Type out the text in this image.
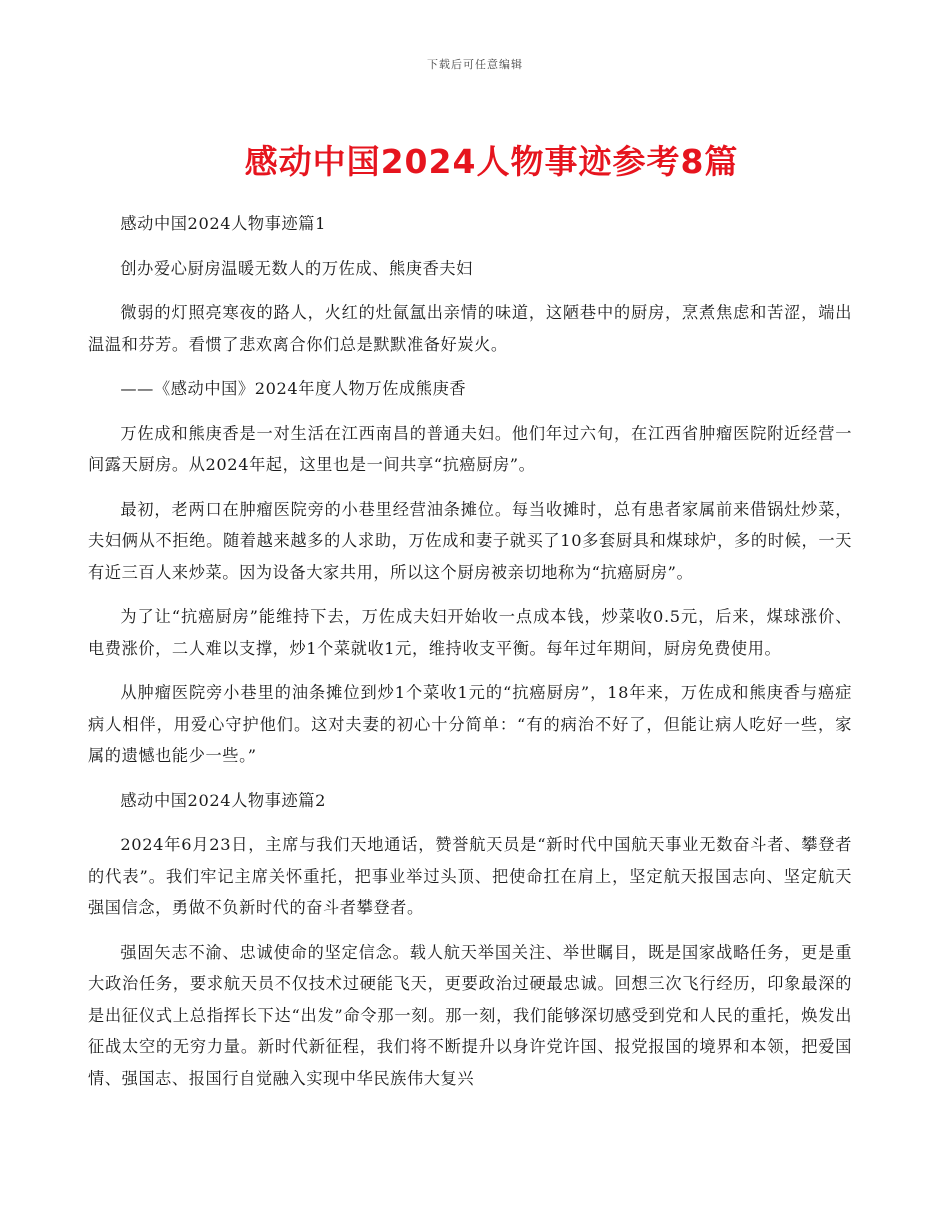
下载后可任意编辑
感动中国2024人物事迹参考8篇

感动中国2024人物事迹篇1

创办爱心厨房温暖无数人的万佐成、熊庚香夫妇

微弱的灯照亮寒夜的路人，火红的灶氤氲出亲情的味道，这陋巷中的厨房，烹煮焦虑和苦涩，端出温温和芬芳。看惯了悲欢离合你们总是默默准备好炭火。

——《感动中国》2024年度人物万佐成熊庚香

万佐成和熊庚香是一对生活在江西南昌的普通夫妇。他们年过六旬，在江西省肿瘤医院附近经营一间露天厨房。从2024年起，这里也是一间共享“抗癌厨房”。

最初，老两口在肿瘤医院旁的小巷里经营油条摊位。每当收摊时，总有患者家属前来借锅灶炒菜，夫妇俩从不拒绝。随着越来越多的人求助，万佐成和妻子就买了10多套厨具和煤球炉，多的时候，一天有近三百人来炒菜。因为设备大家共用，所以这个厨房被亲切地称为“抗癌厨房”。

为了让“抗癌厨房”能维持下去，万佐成夫妇开始收一点成本钱，炒菜收0.5元，后来，煤球涨价、电费涨价，二人难以支撑，炒1个菜就收1元，维持收支平衡。每年过年期间，厨房免费使用。

从肿瘤医院旁小巷里的油条摊位到炒1个菜收1元的“抗癌厨房”，18年来，万佐成和熊庚香与癌症病人相伴，用爱心守护他们。这对夫妻的初心十分简单：“有的病治不好了，但能让病人吃好一些，家属的遗憾也能少一些。”

感动中国2024人物事迹篇2

2024年6月23日，主席与我们天地通话，赞誉航天员是“新时代中国航天事业无数奋斗者、攀登者的代表”。我们牢记主席关怀重托，把事业举过头顶、把使命扛在肩上，坚定航天报国志向、坚定航天强国信念，勇做不负新时代的奋斗者攀登者。

强固矢志不渝、忠诚使命的坚定信念。载人航天举国关注、举世瞩目，既是国家战略任务，更是重大政治任务，要求航天员不仅技术过硬能飞天，更要政治过硬最忠诚。回想三次飞行经历，印象最深的是出征仪式上总指挥长下达“出发”命令那一刻。那一刻，我们能够深切感受到党和人民的重托，焕发出征战太空的无穷力量。新时代新征程，我们将不断提升以身许党许国、报党报国的境界和本领，把爱国情、强国志、报国行自觉融入实现中华民族伟大复兴
